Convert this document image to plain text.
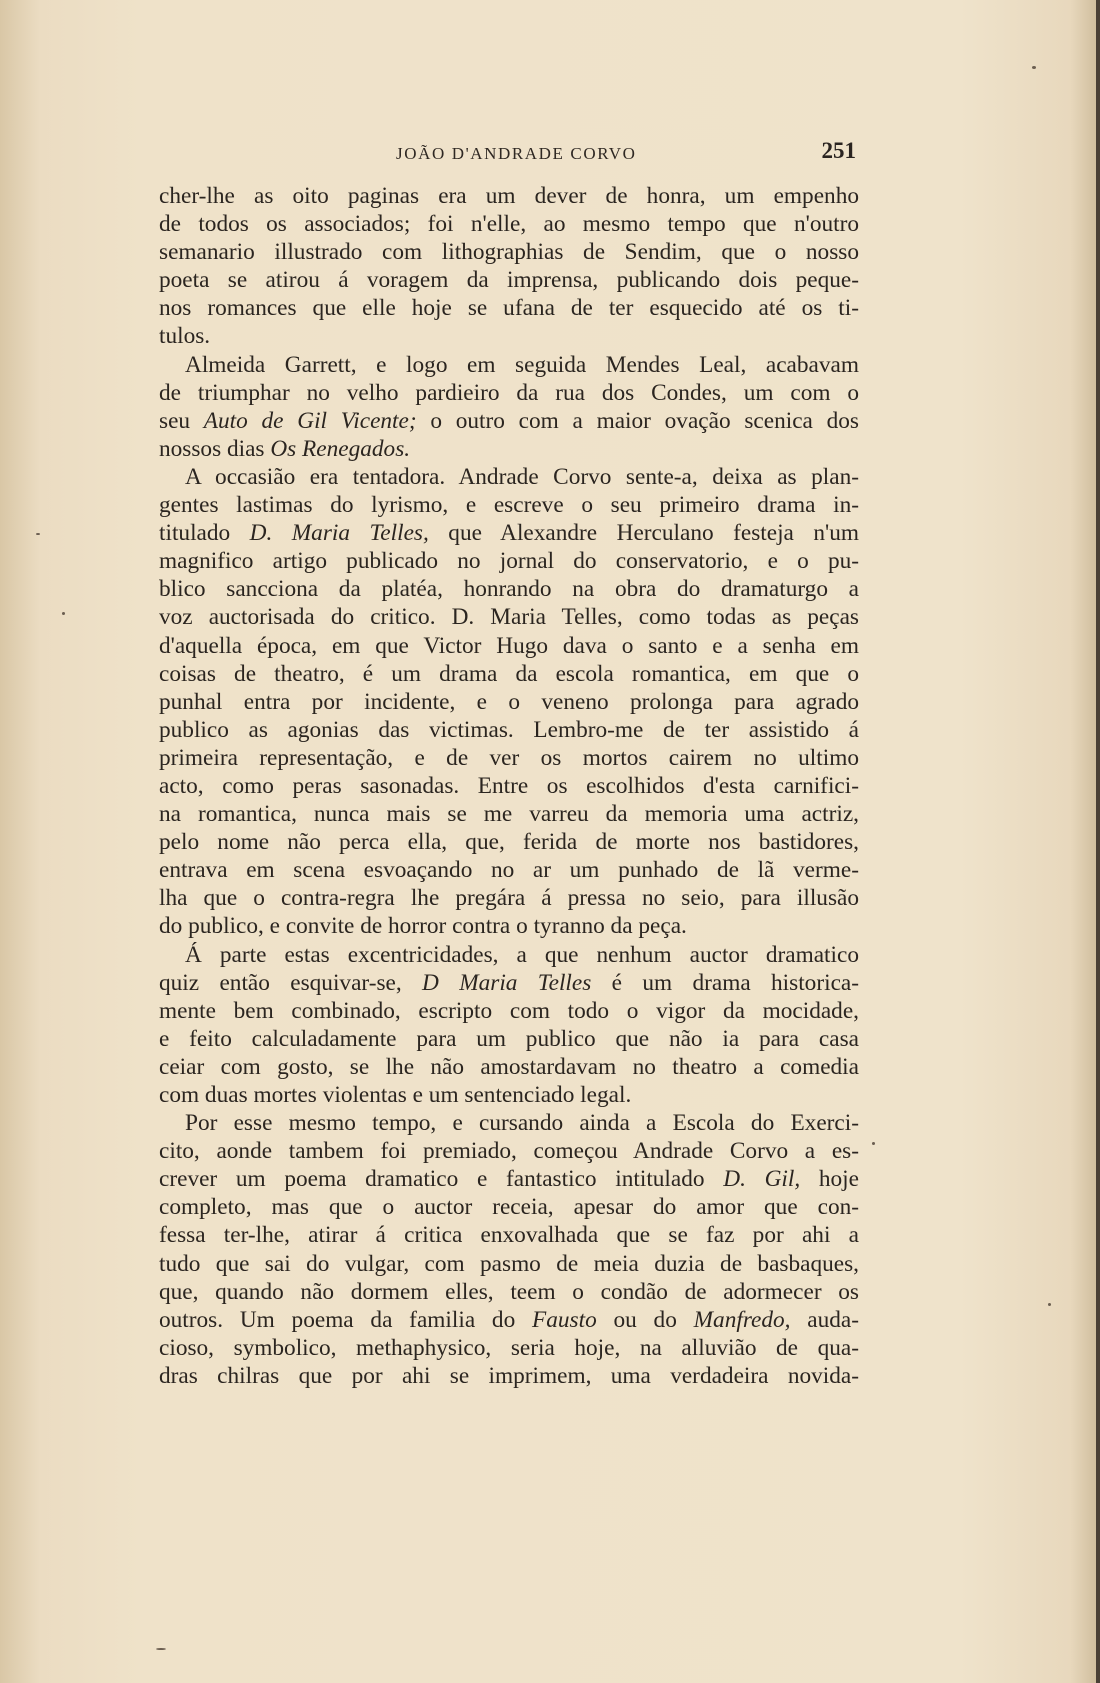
JOÃO D'ANDRADE CORVO	251
cher-lhe as oito paginas era um dever de honra, um empenho
de todos os associados; foi n'elle, ao mesmo tempo que n'outro
semanario illustrado com lithographias de Sendim, que o nosso
poeta se atirou á voragem da imprensa, publicando dois peque-
nos romances que elle hoje se ufana de ter esquecido até os ti-
tulos.
Almeida Garrett, e logo em seguida Mendes Leal, acabavam
de triumphar no velho pardieiro da rua dos Condes, um com o
seu Auto de Gil Vicente; o outro com a maior ovação scenica dos
nossos dias Os Renegados.
A occasião era tentadora. Andrade Corvo sente-a, deixa as plan-
gentes lastimas do lyrismo, e escreve o seu primeiro drama in-
titulado D. Maria Telles, que Alexandre Herculano festeja n'um
magnifico artigo publicado no jornal do conservatorio, e o pu-
blico sancciona da platéa, honrando na obra do dramaturgo a
voz auctorisada do critico. D. Maria Telles, como todas as peças
d'aquella época, em que Victor Hugo dava o santo e a senha em
coisas de theatro, é um drama da escola romantica, em que o
punhal entra por incidente, e o veneno prolonga para agrado
publico as agonias das victimas. Lembro-me de ter assistido á
primeira representação, e de ver os mortos cairem no ultimo
acto, como peras sasonadas. Entre os escolhidos d'esta carnifici-
na romantica, nunca mais se me varreu da memoria uma actriz,
pelo nome não perca ella, que, ferida de morte nos bastidores,
entrava em scena esvoaçando no ar um punhado de lã verme-
lha que o contra-regra lhe pregára á pressa no seio, para illusão
do publico, e convite de horror contra o tyranno da peça.
Á parte estas excentricidades, a que nenhum auctor dramatico
quiz então esquivar-se, D Maria Telles é um drama historica-
mente bem combinado, escripto com todo o vigor da mocidade,
e feito calculadamente para um publico que não ia para casa
ceiar com gosto, se lhe não amostardavam no theatro a comedia
com duas mortes violentas e um sentenciado legal.
Por esse mesmo tempo, e cursando ainda a Escola do Exerci-
cito, aonde tambem foi premiado, começou Andrade Corvo a es-
crever um poema dramatico e fantastico intitulado D. Gil, hoje
completo, mas que o auctor receia, apesar do amor que con-
fessa ter-lhe, atirar á critica enxovalhada que se faz por ahi a
tudo que sai do vulgar, com pasmo de meia duzia de basbaques,
que, quando não dormem elles, teem o condão de adormecer os
outros. Um poema da familia do Fausto ou do Manfredo, auda-
cioso, symbolico, methaphysico, seria hoje, na alluvião de qua-
dras chilras que por ahi se imprimem, uma verdadeira novida-
